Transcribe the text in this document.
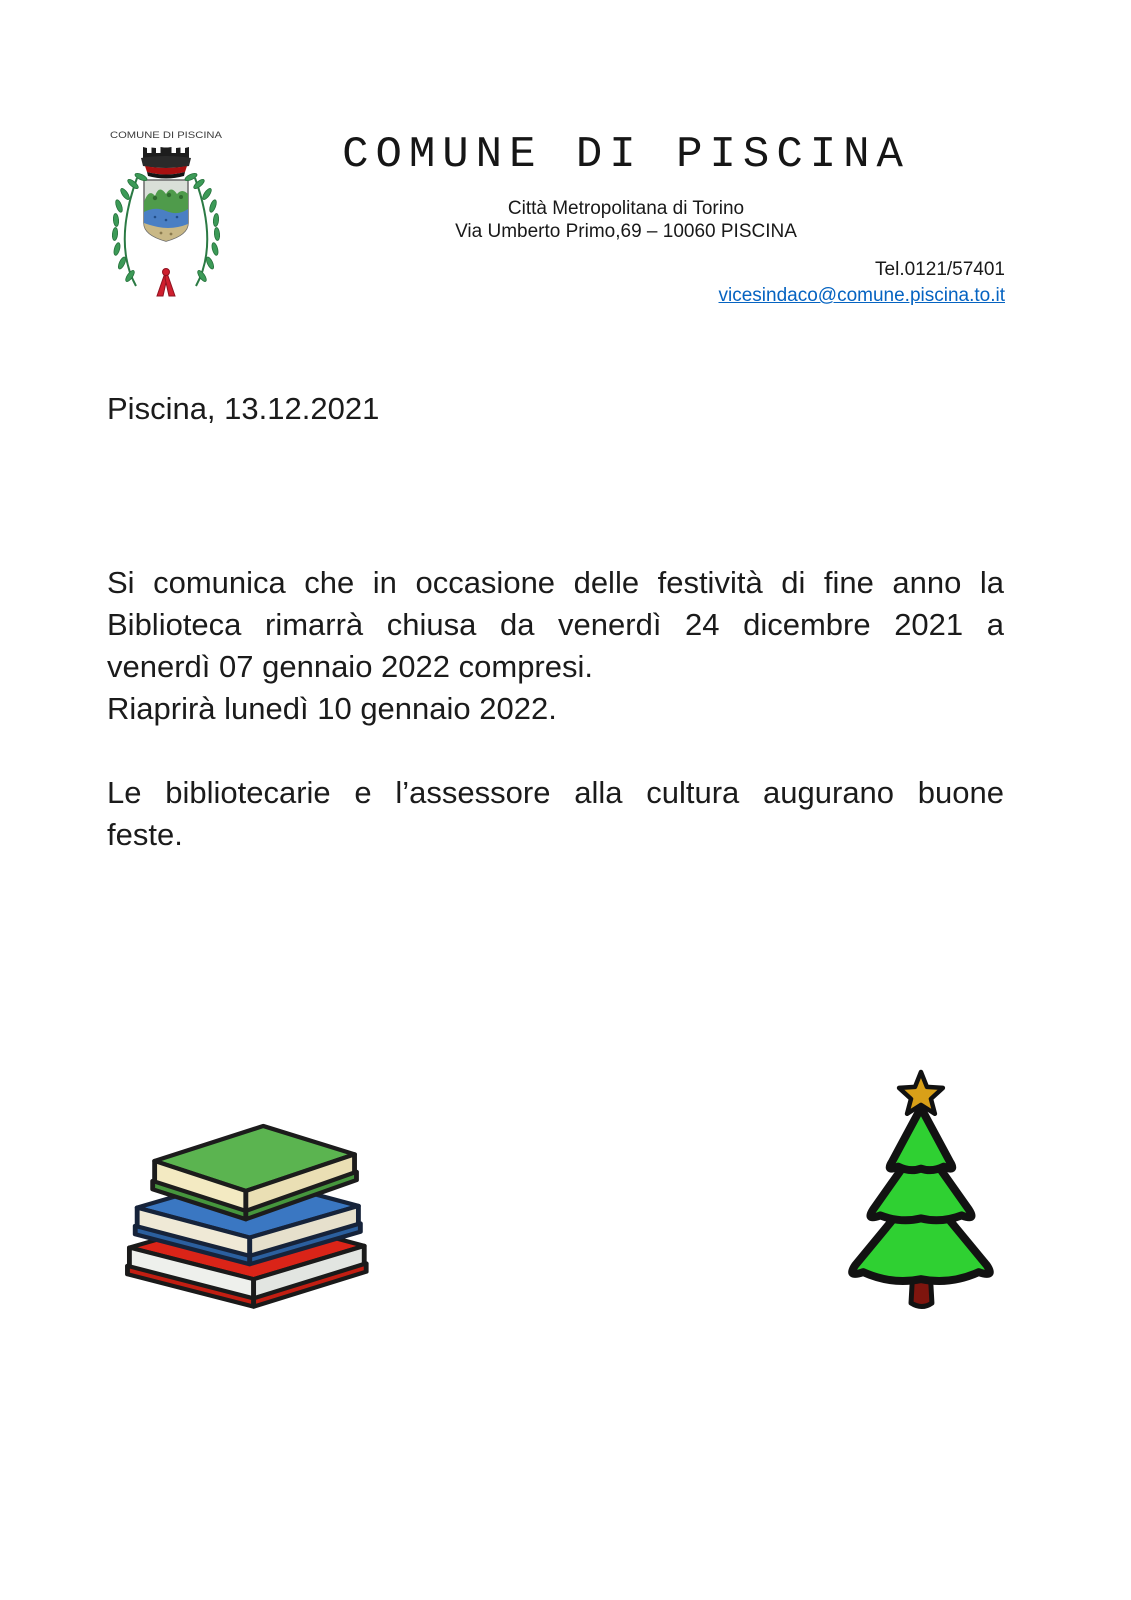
COMUNE DI PISCINA	COMUNE DI PISCINA
Città Metropolitana di Torino
Via Umberto Primo,69 – 10060 PISCINA
Tel.0121/57401
vicesindaco@comune.piscina.to.it
Piscina, 13.12.2021
Si comunica che in occasione delle festività di fine anno la
Biblioteca rimarrà chiusa da venerdì 24 dicembre 2021 a
venerdì 07 gennaio 2022 compresi.
Riaprirà lunedì 10 gennaio 2022.
Le bibliotecarie e l’assessore alla cultura augurano buone
feste.
